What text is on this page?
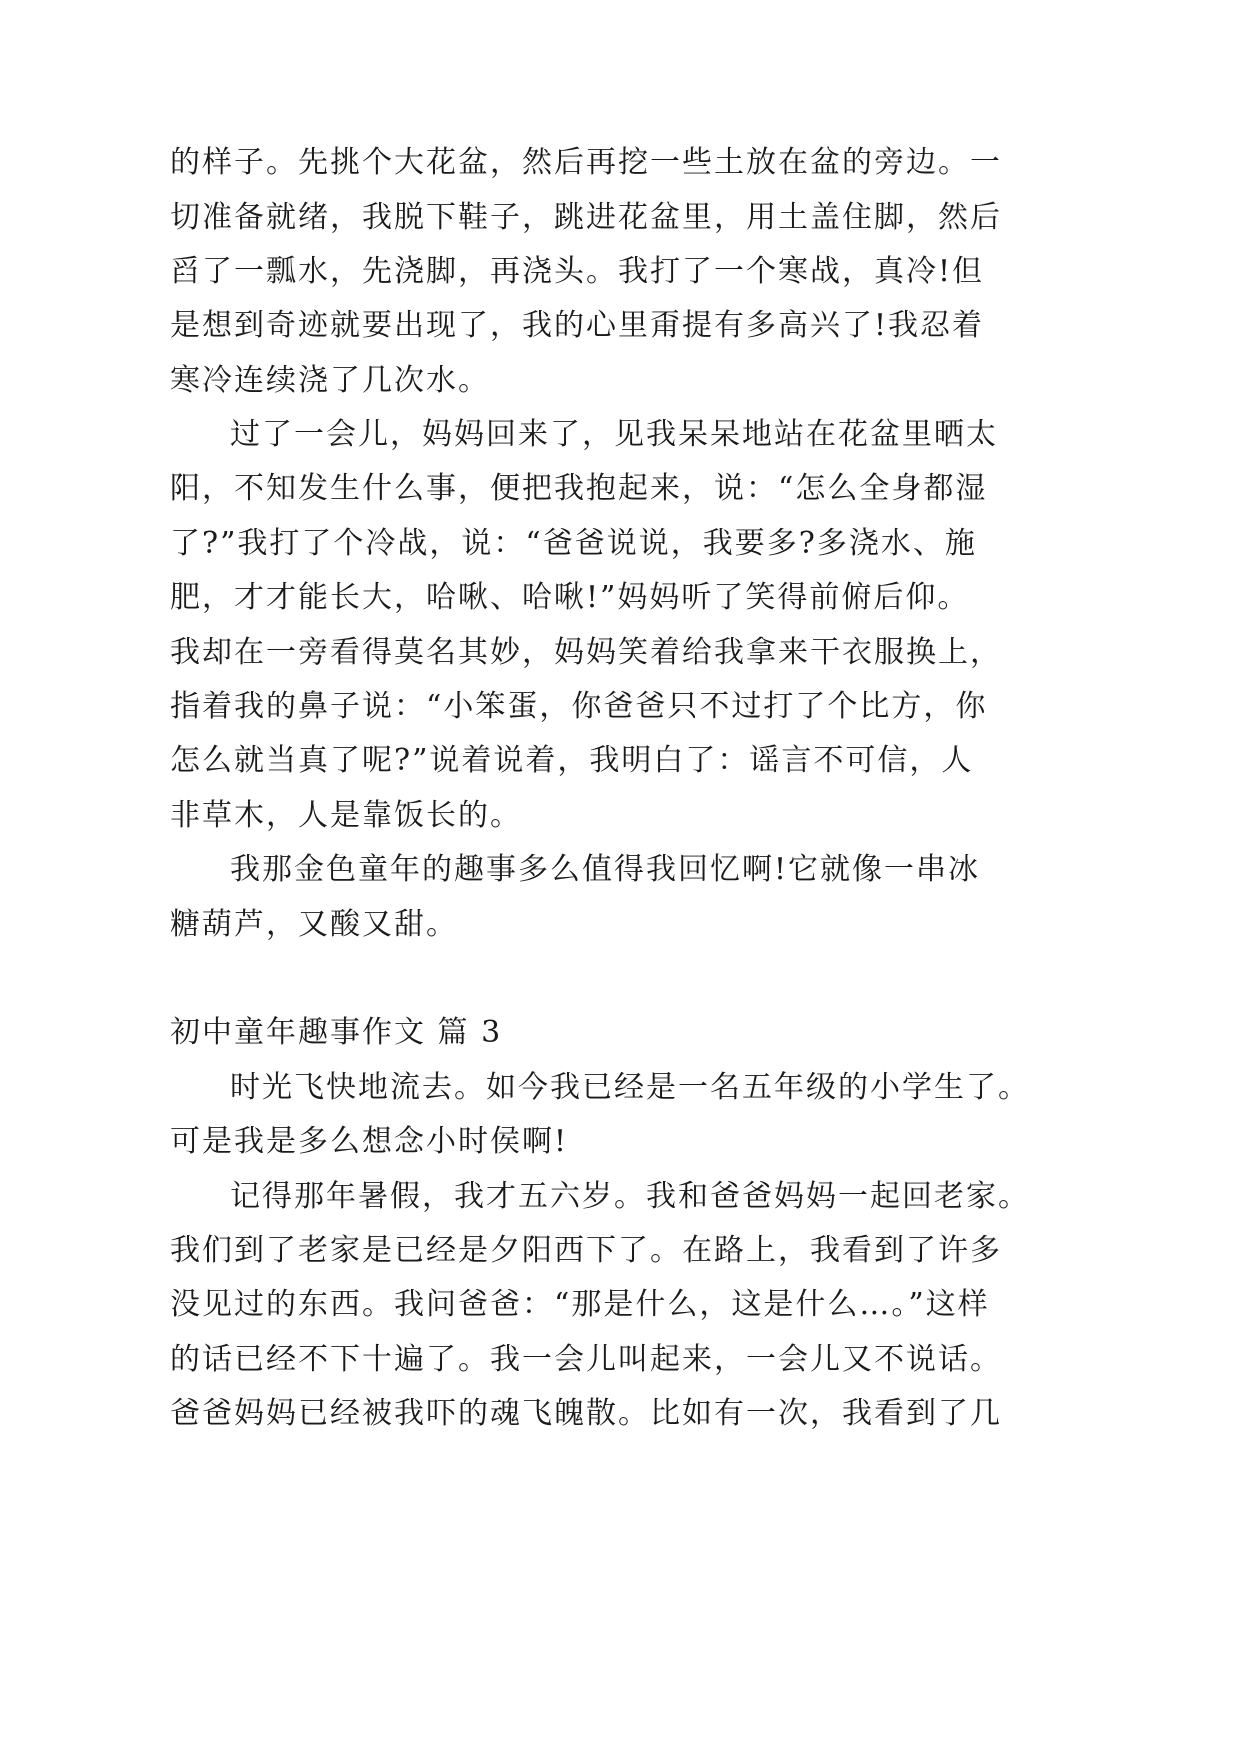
的样子。先挑个大花盆，然后再挖一些土放在盆的旁边。一
切准备就绪，我脱下鞋子，跳进花盆里，用土盖住脚，然后
舀了一瓢水，先浇脚，再浇头。我打了一个寒战，真冷!但
是想到奇迹就要出现了，我的心里甭提有多高兴了!我忍着
寒冷连续浇了几次水。
过了一会儿，妈妈回来了，见我呆呆地站在花盆里晒太
阳，不知发生什么事，便把我抱起来，说：“怎么全身都湿
了?”我打了个冷战，说：“爸爸说说，我要多?多浇水、施
肥，才才能长大，哈啾、哈啾!”妈妈听了笑得前俯后仰。
我却在一旁看得莫名其妙，妈妈笑着给我拿来干衣服换上，
指着我的鼻子说：“小笨蛋，你爸爸只不过打了个比方，你
怎么就当真了呢?”说着说着，我明白了：谣言不可信，人
非草木，人是靠饭长的。
我那金色童年的趣事多么值得我回忆啊!它就像一串冰
糖葫芦，又酸又甜。
初中童年趣事作文 篇 3
时光飞快地流去。如今我已经是一名五年级的小学生了。
可是我是多么想念小时侯啊!
记得那年暑假，我才五六岁。我和爸爸妈妈一起回老家。
我们到了老家是已经是夕阳西下了。在路上，我看到了许多
没见过的东西。我问爸爸：“那是什么，这是什么…。”这样
的话已经不下十遍了。我一会儿叫起来，一会儿又不说话。
爸爸妈妈已经被我吓的魂飞魄散。比如有一次，我看到了几
